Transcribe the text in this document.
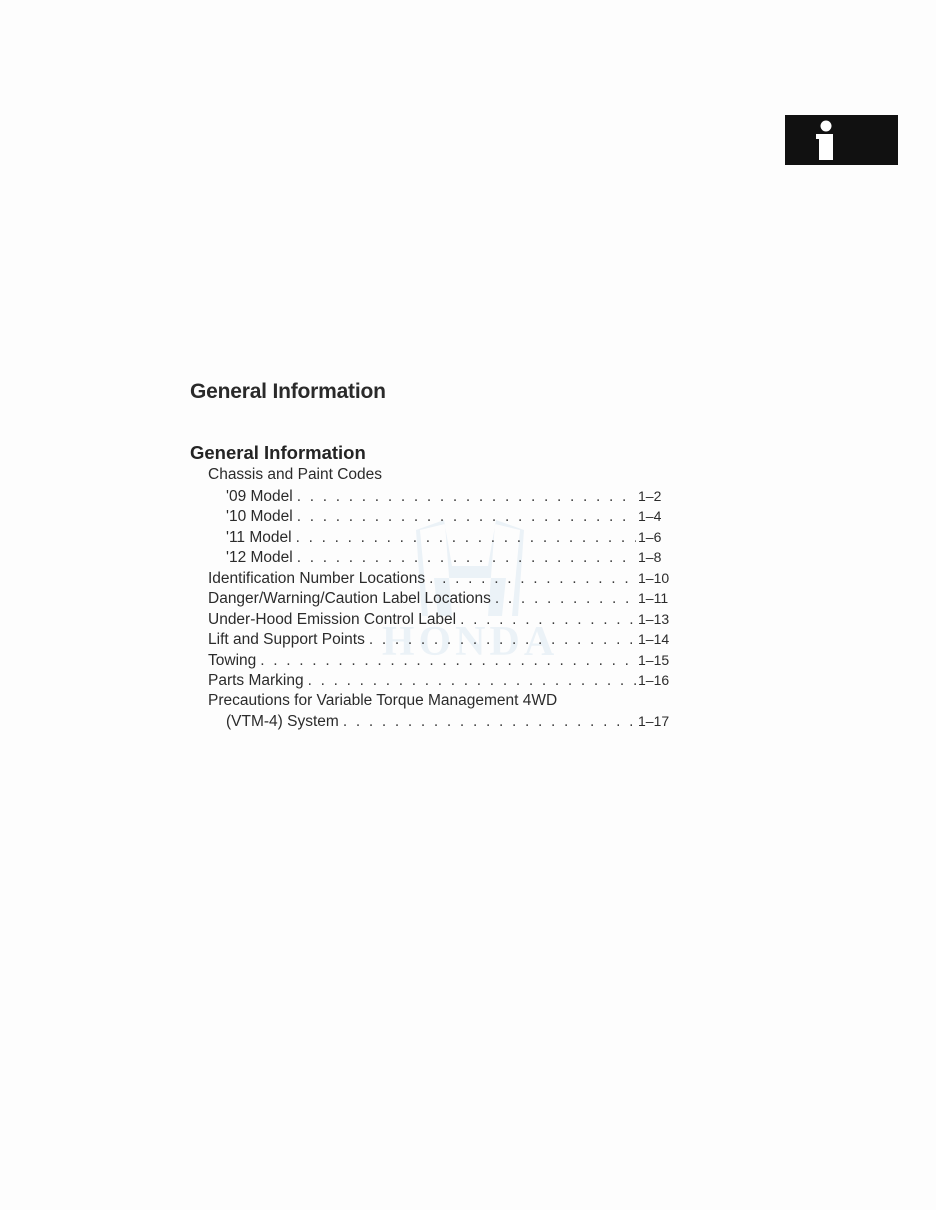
General Information
HONDA
General Information
Chassis and Paint Codes
'09 Model . . .	1–2
'10 Model . . .	1–4
'11 Model . . .	1–6
'12 Model . . .	1–8
Identification Number Locations . . .	1–10
Danger/Warning/Caution Label Locations . . .	1–11
Under-Hood Emission Control Label . . .	1–13
Lift and Support Points . . .	1–14
Towing . . .	1–15
Parts Marking . . .	1–16
Precautions for Variable Torque Management 4WD
(VTM-4) System . . .	1–17
